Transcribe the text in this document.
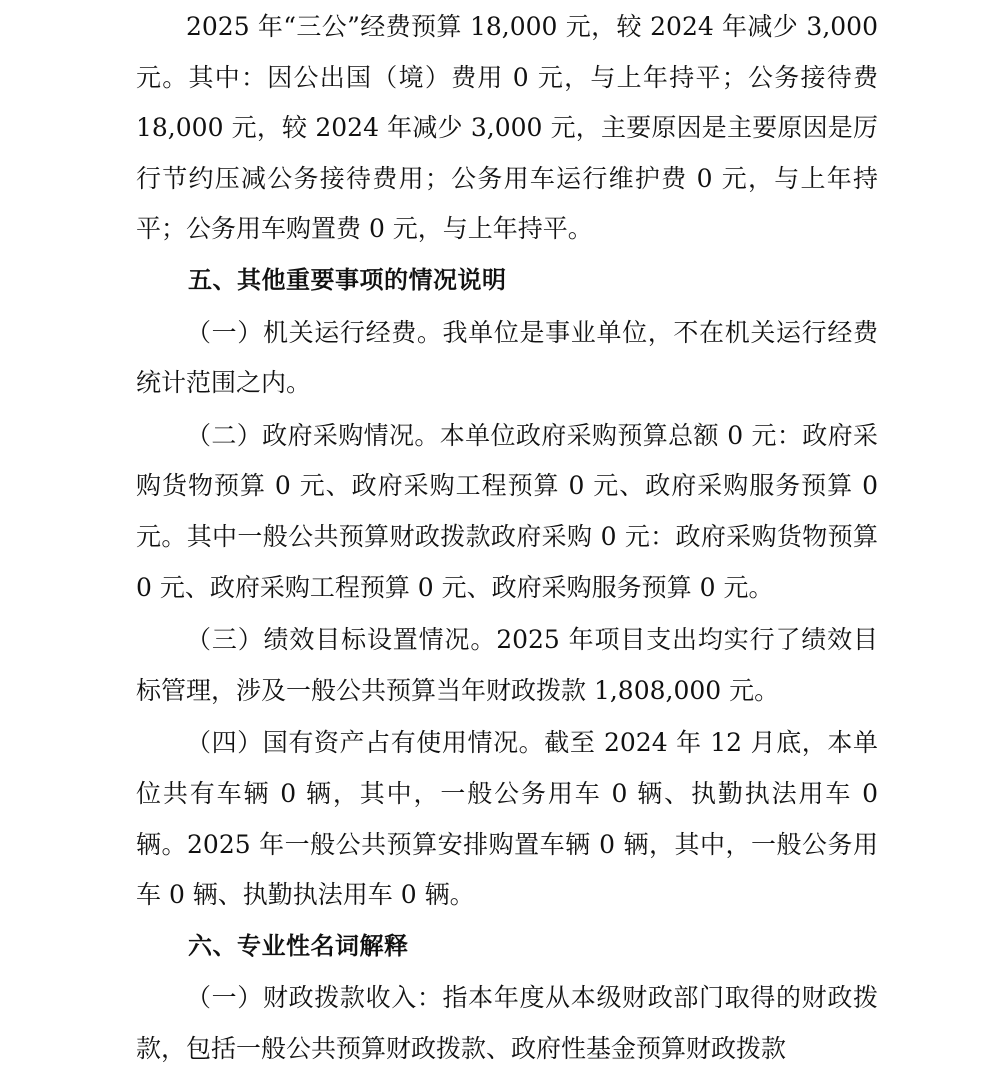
2025 年“三公”经费预算 18,000 元，较 2024 年减少 3,000 元。其中：因公出国（境）费用 0 元，与上年持平；公务接待费 18,000 元，较 2024 年减少 3,000 元，主要原因是主要原因是厉行节约压减公务接待费用；公务用车运行维护费 0 元，与上年持平；公务用车购置费 0 元，与上年持平。

五、其他重要事项的情况说明

（一）机关运行经费。我单位是事业单位，不在机关运行经费统计范围之内。

（二）政府采购情况。本单位政府采购预算总额 0 元：政府采购货物预算 0 元、政府采购工程预算 0 元、政府采购服务预算 0 元。其中一般公共预算财政拨款政府采购 0 元：政府采购货物预算 0 元、政府采购工程预算 0 元、政府采购服务预算 0 元。

（三）绩效目标设置情况。2025 年项目支出均实行了绩效目标管理，涉及一般公共预算当年财政拨款 1,808,000 元。

（四）国有资产占有使用情况。截至 2024 年 12 月底，本单位共有车辆 0 辆，其中，一般公务用车 0 辆、执勤执法用车 0 辆。2025 年一般公共预算安排购置车辆 0 辆，其中，一般公务用车 0 辆、执勤执法用车 0 辆。

六、专业性名词解释

（一）财政拨款收入：指本年度从本级财政部门取得的财政拨款，包括一般公共预算财政拨款、政府性基金预算财政拨款
